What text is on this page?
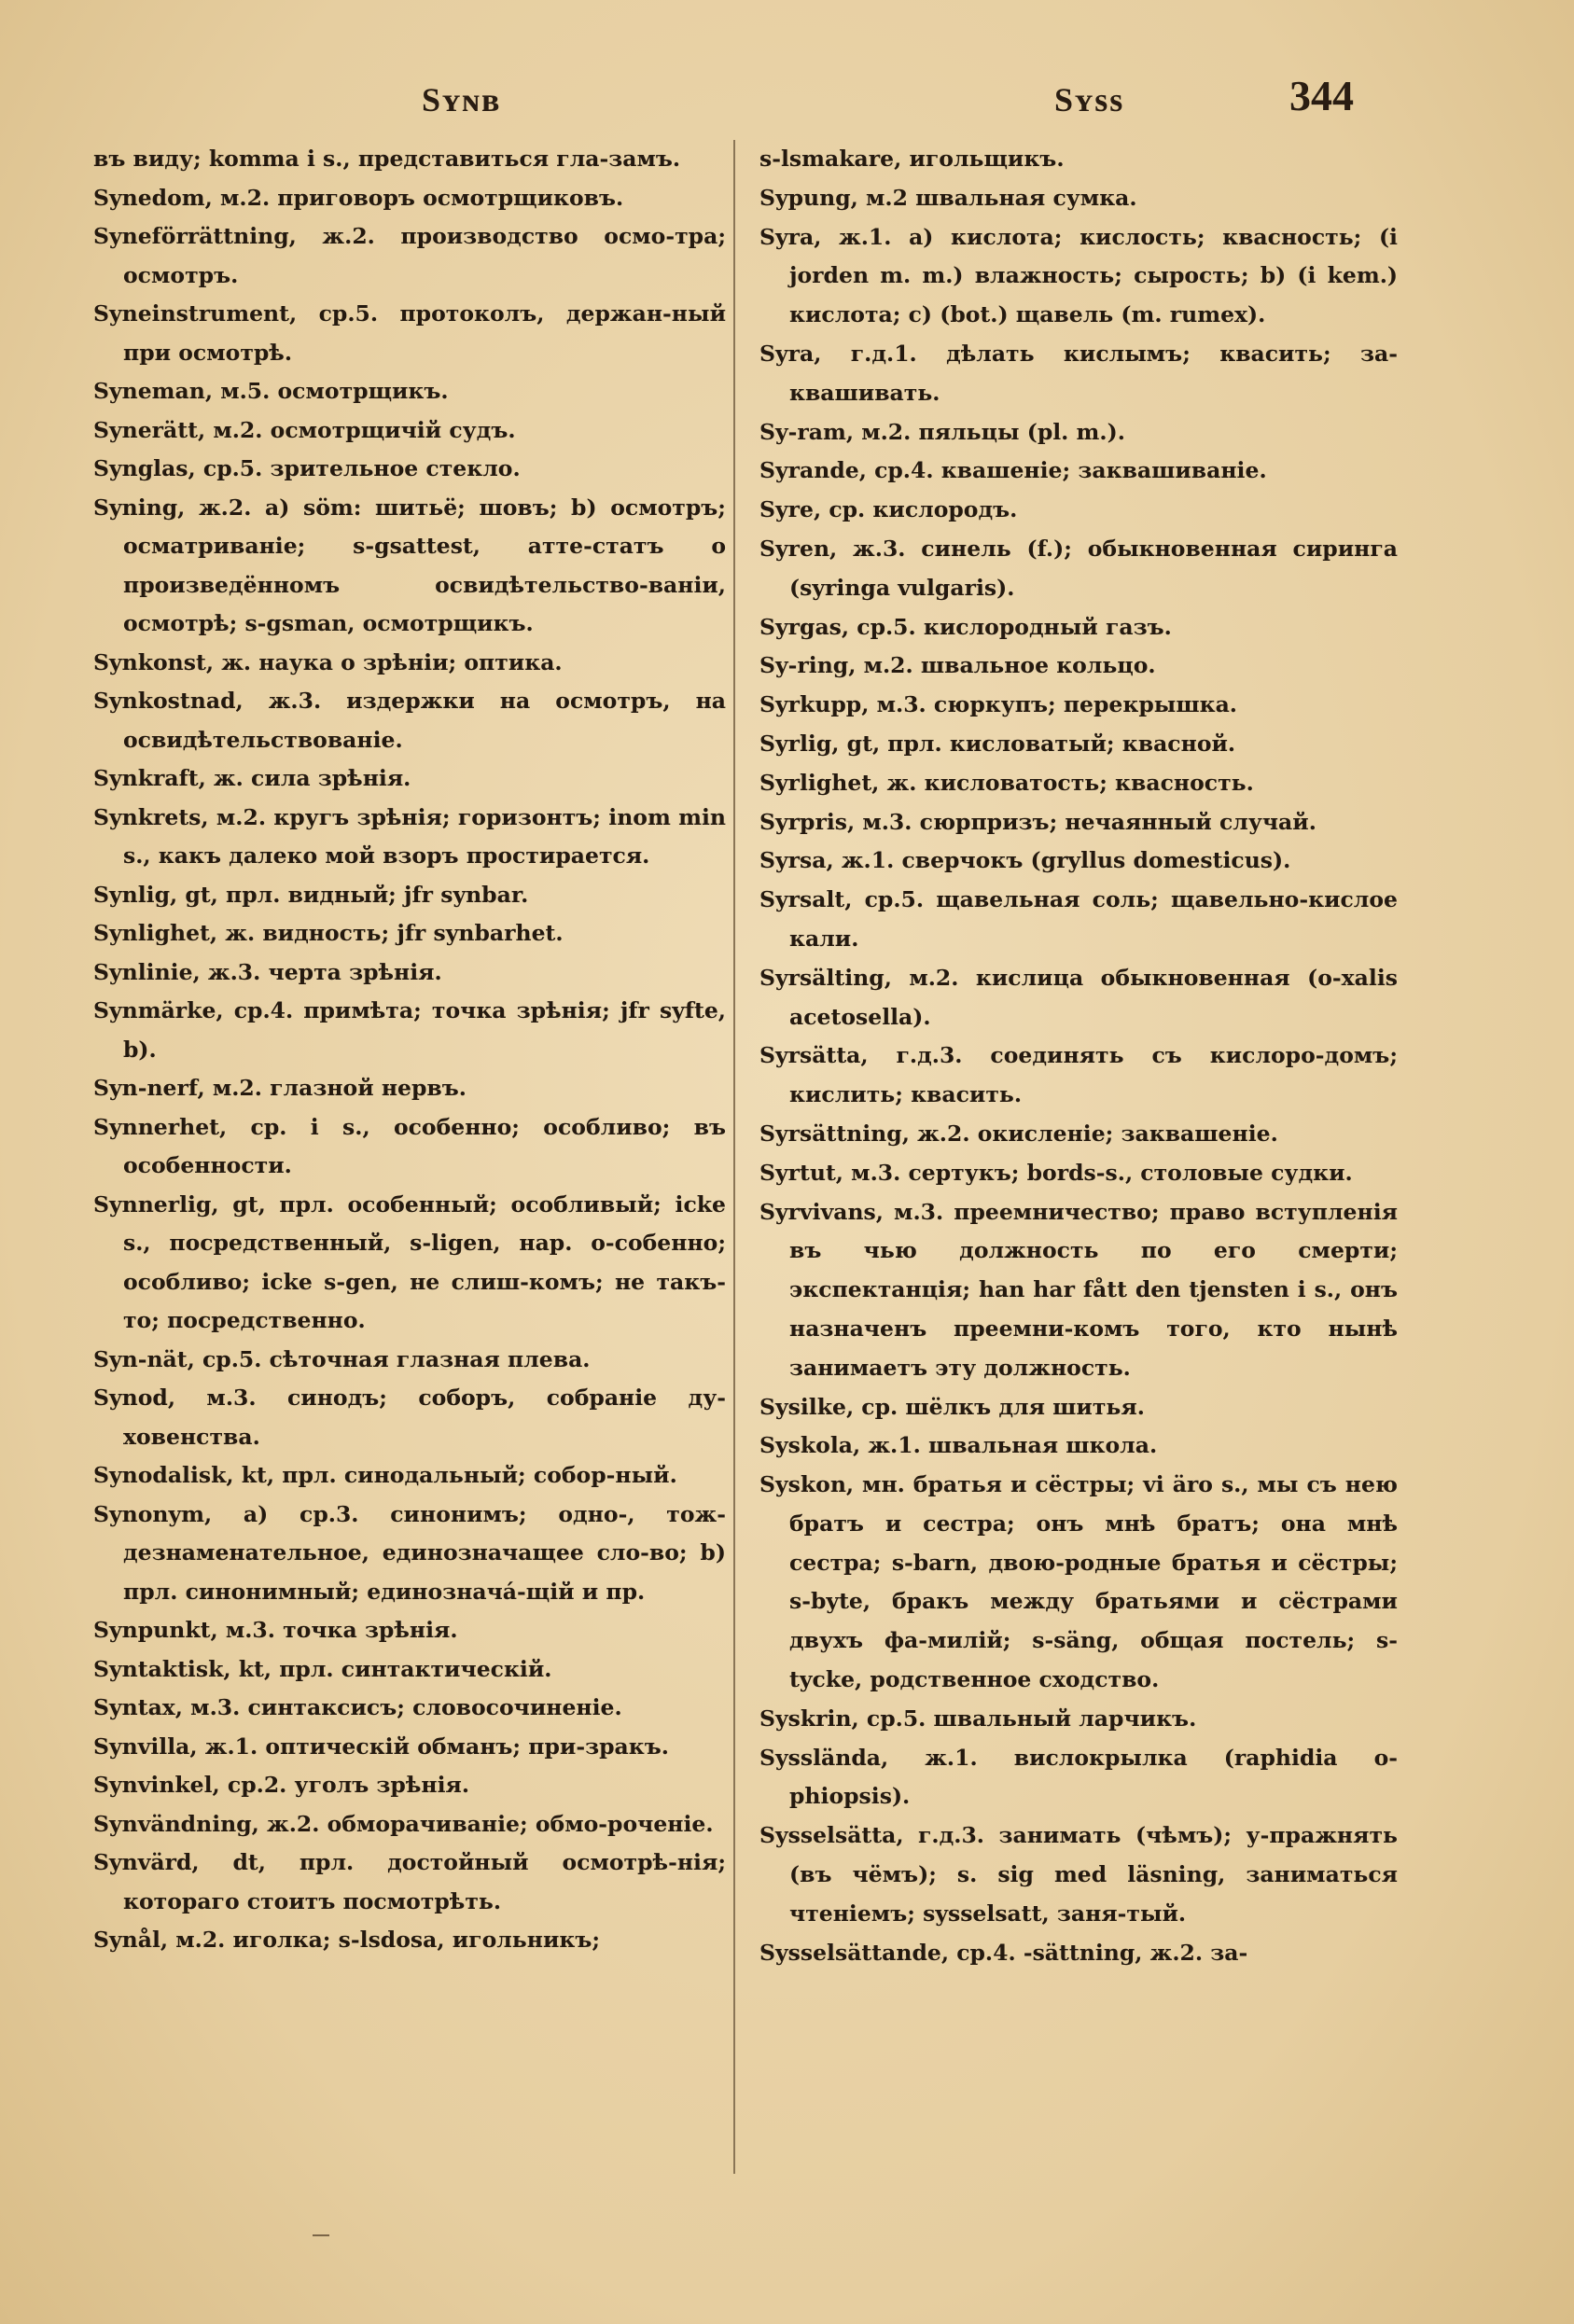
Sʏɴʙ	Sʏss	344

въ виду; komma i s., представиться гла-замъ.

Synedom, м.2. приговоръ осмотрщиковъ.

Syneförrättning, ж.2. производство осмо-тра; осмотръ.

Syneinstrument, ср.5. протоколъ, держан-ный при осмотрѣ.

Syneman, м.5. осмотрщикъ.

Synerätt, м.2. осмотрщичій судъ.

Synglas, ср.5. зрительное стекло.

Syning, ж.2. a) söm: шитьё; шовъ; b) осмотръ; осматриваніе; s-gsattest, атте-статъ о произведённомъ освидѣтельство-ваніи, осмотрѣ; s-gsman, осмотрщикъ.

Synkonst, ж. наука о зрѣніи; оптика.

Synkostnad, ж.3. издержки на осмотръ, на освидѣтельствованіе.

Synkraft, ж. сила зрѣнія.

Synkrets, м.2. кругъ зрѣнія; горизонтъ; inom min s., какъ далеко мой взоръ простирается.

Synlig, gt, прл. видный; jfr synbar.

Synlighet, ж. видность; jfr synbarhet.

Synlinie, ж.3. черта зрѣнія.

Synmärke, ср.4. примѣта; точка зрѣнія; jfr syfte, b).

Syn-nerf, м.2. глазной нервъ.

Synnerhet, ср. i s., особенно; особливо; въ особенности.

Synnerlig, gt, прл. особенный; особливый; icke s., посредственный, s-ligen, нар. о-собенно; особливо; icke s-gen, не слиш-комъ; не такъ-то; посредственно.

Syn-nät, ср.5. сѣточная глазная плева.

Synod, м.3. синодъ; соборъ, собраніе ду-ховенства.

Synodalisk, kt, прл. синодальный; собор-ный.

Synonym, a) ср.3. синонимъ; одно-, тож-дезнаменательное, единозначащее сло-во; b) прл. синонимный; единозначá-щій и пр.

Synpunkt, м.3. точка зрѣнія.

Syntaktisk, kt, прл. синтактическій.

Syntax, м.3. синтаксисъ; словосочиненіе.

Synvilla, ж.1. оптическій обманъ; при-зракъ.

Synvinkel, ср.2. уголъ зрѣнія.

Synvändning, ж.2. обморачиваніе; обмо-роченіе.

Synvärd, dt, прл. достойный осмотрѣ-нія; котораго стоитъ посмотрѣть.

Synål, м.2. иголка; s-lsdosa, игольникъ;

s-lsmakare, игольщикъ.

Sypung, м.2 швальная сумка.

Syra, ж.1. a) кислота; кислость; квасность; (i jorden m. m.) влажность; сырость; b) (i kem.) кислота; c) (bot.) щавель (m. rumex).

Syra, г.д.1. дѣлать кислымъ; квасить; за-квашивать.

Sy-ram, м.2. пяльцы (pl. m.).

Syrande, ср.4. квашеніе; заквашиваніе.

Syre, ср. кислородъ.

Syren, ж.3. синель (f.); обыкновенная сиринга (syringa vulgaris).

Syrgas, ср.5. кислородный газъ.

Sy-ring, м.2. швальное кольцо.

Syrkupp, м.3. сюркупъ; перекрышка.

Syrlig, gt, прл. кисловатый; квасной.

Syrlighet, ж. кисловатость; квасность.

Syrpris, м.3. сюрпризъ; нечаянный случай.

Syrsa, ж.1. сверчокъ (gryllus domesticus).

Syrsalt, ср.5. щавельная соль; щавельно-кислое кали.

Syrsälting, м.2. кислица обыкновенная (o-xalis acetosella).

Syrsätta, г.д.3. соединять съ кислоро-домъ; кислить; квасить.

Syrsättning, ж.2. окисленіе; заквашеніе.

Syrtut, м.3. сертукъ; bords-s., столовые судки.

Syrvivans, м.3. преемничество; право вступленія въ чью должность по его смерти; экспектанція; han har fått den tjensten i s., онъ назначенъ преемни-комъ того, кто нынѣ занимаетъ эту должность.

Sysilke, ср. шёлкъ для шитья.

Syskola, ж.1. швальная школа.

Syskon, мн. братья и сёстры; vi äro s., мы съ нею братъ и сестра; онъ мнѣ братъ; она мнѣ сестра; s-barn, двою-родные братья и сёстры; s-byte, бракъ между братьями и сёстрами двухъ фа-милій; s-säng, общая постель; s-tycke, родственное сходство.

Syskrin, ср.5. швальный ларчикъ.

Sysslända, ж.1. вислокрылка (raphidia o-phiopsis).

Sysselsätta, г.д.3. занимать (чѣмъ); у-пражнять (въ чёмъ); s. sig med läsning, заниматься чтеніемъ; sysselsatt, заня-тый.

Sysselsättande, ср.4. -sättning, ж.2. за-
